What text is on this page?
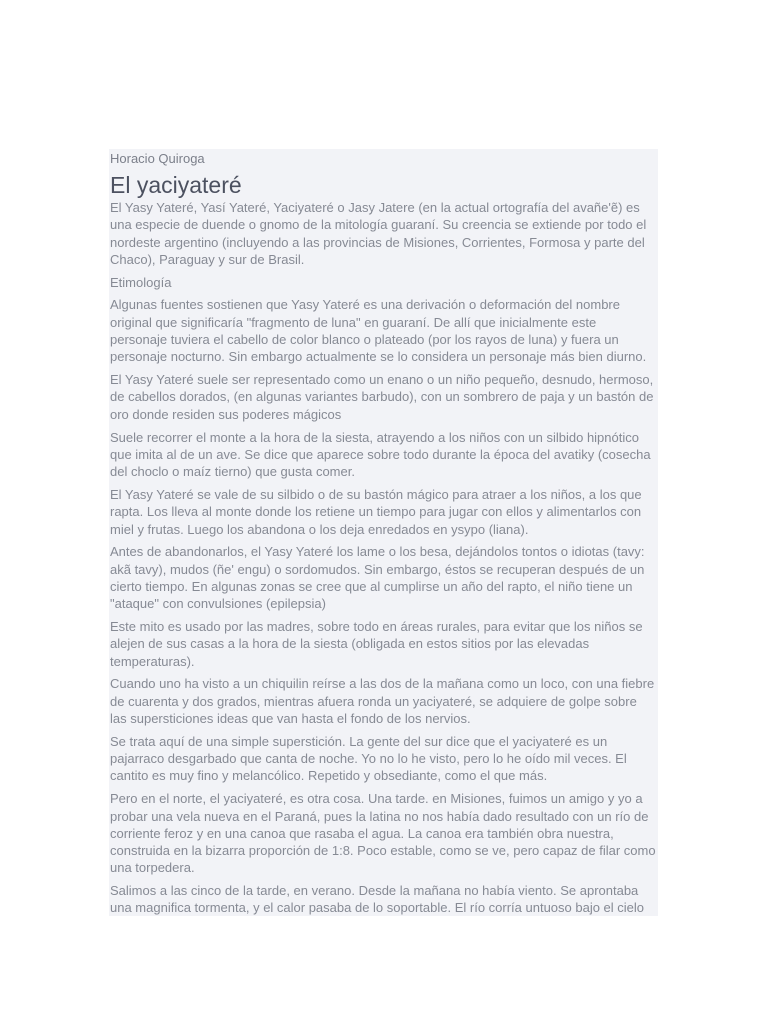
Horacio Quiroga
El yaciyateré

El Yasy Yateré, Yasí Yateré, Yaciyateré o Jasy Jatere (en la actual ortografía del avañe'ẽ) es una especie de duende o gnomo de la mitología guaraní. Su creencia se extiende por todo el nordeste argentino (incluyendo a las provincias de Misiones, Corrientes, Formosa y parte del Chaco), Paraguay y sur de Brasil.

Etimología

Algunas fuentes sostienen que Yasy Yateré es una derivación o deformación del nombre original que significaría "fragmento de luna" en guaraní. De allí que inicialmente este personaje tuviera el cabello de color blanco o plateado (por los rayos de luna) y fuera un personaje nocturno. Sin embargo actualmente se lo considera un personaje más bien diurno.

El Yasy Yateré suele ser representado como un enano o un niño pequeño, desnudo, hermoso, de cabellos dorados, (en algunas variantes barbudo), con un sombrero de paja y un bastón de oro donde residen sus poderes mágicos

Suele recorrer el monte a la hora de la siesta, atrayendo a los niños con un silbido hipnótico que imita al de un ave. Se dice que aparece sobre todo durante la época del avatiky (cosecha del choclo o maíz tierno) que gusta comer.

El Yasy Yateré se vale de su silbido o de su bastón mágico para atraer a los niños, a los que rapta. Los lleva al monte donde los retiene un tiempo para jugar con ellos y alimentarlos con miel y frutas. Luego los abandona o los deja enredados en ysypo (liana).

Antes de abandonarlos, el Yasy Yateré los lame o los besa, dejándolos tontos o idiotas (tavy: akã tavy), mudos (ñe' engu) o sordomudos. Sin embargo, éstos se recuperan después de un cierto tiempo. En algunas zonas se cree que al cumplirse un año del rapto, el niño tiene un "ataque" con convulsiones (epilepsia)

Este mito es usado por las madres, sobre todo en áreas rurales, para evitar que los niños se alejen de sus casas a la hora de la siesta (obligada en estos sitios por las elevadas temperaturas).

Cuando uno ha visto a un chiquilin reírse a las dos de la mañana como un loco, con una fiebre de cuarenta y dos grados, mientras afuera ronda un yaciyateré, se adquiere de golpe sobre las supersticiones ideas que van hasta el fondo de los nervios.

Se trata aquí de una simple superstición. La gente del sur dice que el yaciyateré es un pajarraco desgarbado que canta de noche. Yo no lo he visto, pero lo he oído mil veces. El cantito es muy fino y melancólico. Repetido y obsediante, como el que más.

Pero en el norte, el yaciyateré, es otra cosa. Una tarde. en Misiones, fuimos un amigo y yo a probar una vela nueva en el Paraná, pues la latina no nos había dado resultado con un río de corriente feroz y en una canoa que rasaba el agua. La canoa era también obra nuestra, construida en la bizarra proporción de 1:8. Poco estable, como se ve, pero capaz de filar como una torpedera.

Salimos a las cinco de la tarde, en verano. Desde la mañana no había viento. Se aprontaba una magnifica tormenta, y el calor pasaba de lo soportable. El río corría untuoso bajo el cielo
